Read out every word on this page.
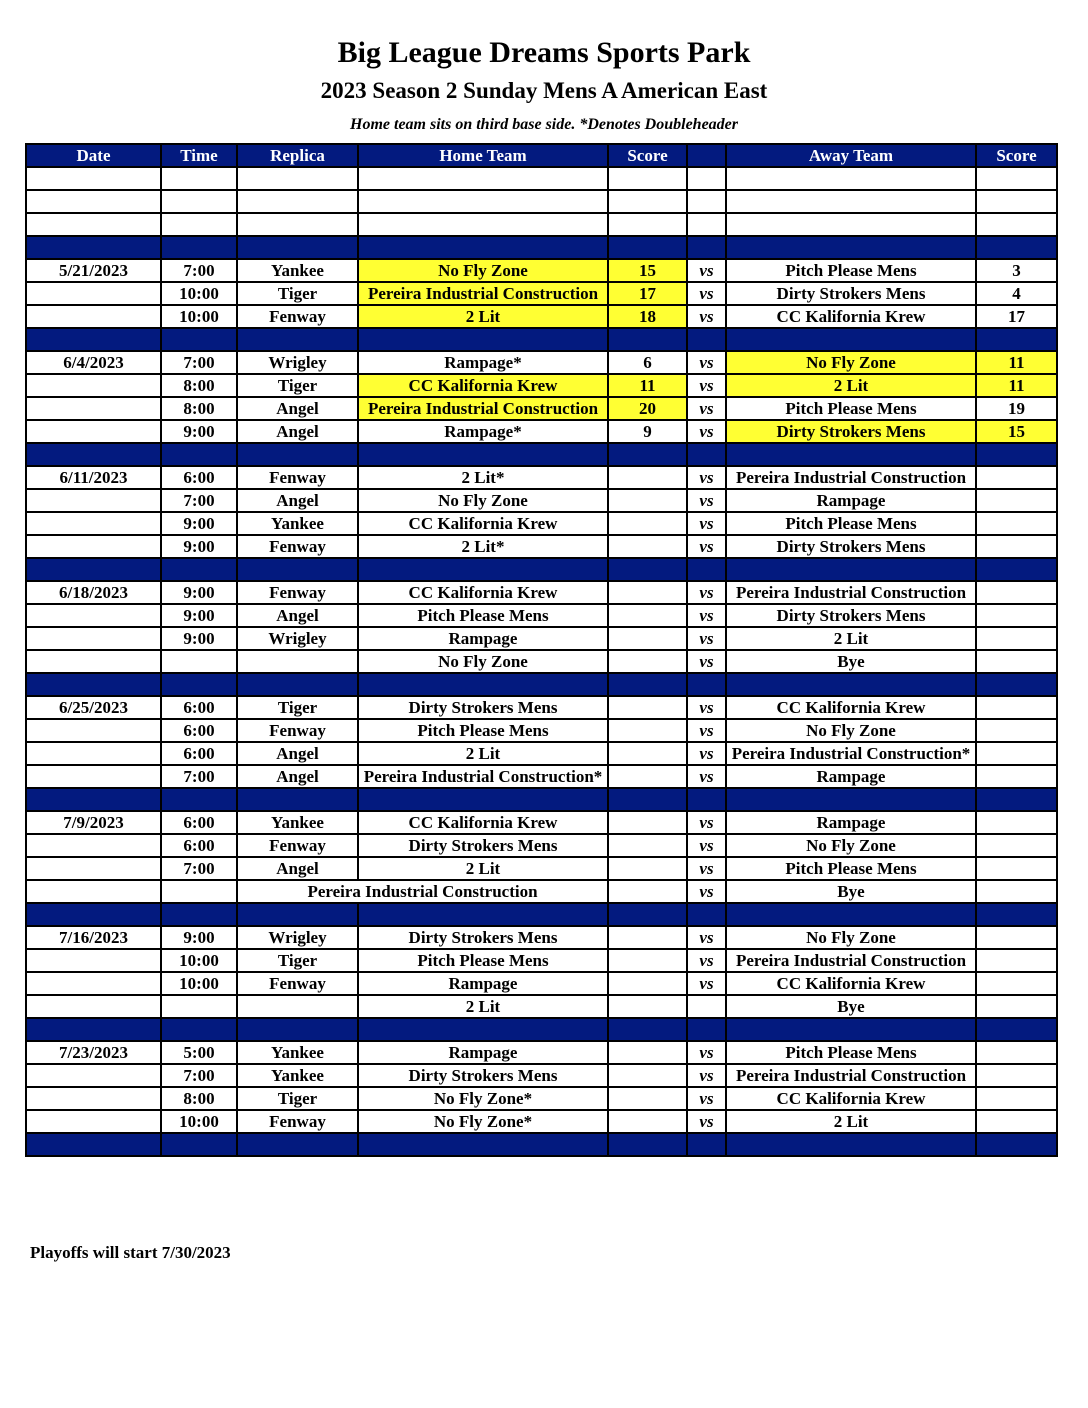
Big League Dreams Sports Park
2023 Season 2 Sunday Mens A American East
Home team sits on third base side. *Denotes Doubleheader
Date	Time	Replica	Home Team	Score		Away Team	Score

5/21/2023	7:00	Yankee	No Fly Zone	15	vs	Pitch Please Mens	3
	10:00	Tiger	Pereira Industrial Construction	17	vs	Dirty Strokers Mens	4
	10:00	Fenway	2 Lit	18	vs	CC Kalifornia Krew	17

6/4/2023	7:00	Wrigley	Rampage*	6	vs	No Fly Zone	11
	8:00	Tiger	CC Kalifornia Krew	11	vs	2 Lit	11
	8:00	Angel	Pereira Industrial Construction	20	vs	Pitch Please Mens	19
	9:00	Angel	Rampage*	9	vs	Dirty Strokers Mens	15

6/11/2023	6:00	Fenway	2 Lit*		vs	Pereira Industrial Construction	
	7:00	Angel	No Fly Zone		vs	Rampage	
	9:00	Yankee	CC Kalifornia Krew		vs	Pitch Please Mens	
	9:00	Fenway	2 Lit*		vs	Dirty Strokers Mens	

6/18/2023	9:00	Fenway	CC Kalifornia Krew		vs	Pereira Industrial Construction	
	9:00	Angel	Pitch Please Mens		vs	Dirty Strokers Mens	
	9:00	Wrigley	Rampage		vs	2 Lit	
			No Fly Zone		vs	Bye	

6/25/2023	6:00	Tiger	Dirty Strokers Mens		vs	CC Kalifornia Krew	
	6:00	Fenway	Pitch Please Mens		vs	No Fly Zone	
	6:00	Angel	2 Lit		vs	Pereira Industrial Construction*	
	7:00	Angel	Pereira Industrial Construction*		vs	Rampage	

7/9/2023	6:00	Yankee	CC Kalifornia Krew		vs	Rampage	
	6:00	Fenway	Dirty Strokers Mens		vs	No Fly Zone	
	7:00	Angel	2 Lit		vs	Pitch Please Mens	
		Pereira Industrial Construction			vs	Bye	

7/16/2023	9:00	Wrigley	Dirty Strokers Mens		vs	No Fly Zone	
	10:00	Tiger	Pitch Please Mens		vs	Pereira Industrial Construction	
	10:00	Fenway	Rampage		vs	CC Kalifornia Krew	
			2 Lit			Bye	

7/23/2023	5:00	Yankee	Rampage		vs	Pitch Please Mens	
	7:00	Yankee	Dirty Strokers Mens		vs	Pereira Industrial Construction	
	8:00	Tiger	No Fly Zone*		vs	CC Kalifornia Krew	
	10:00	Fenway	No Fly Zone*		vs	2 Lit	

Playoffs will start 7/30/2023
